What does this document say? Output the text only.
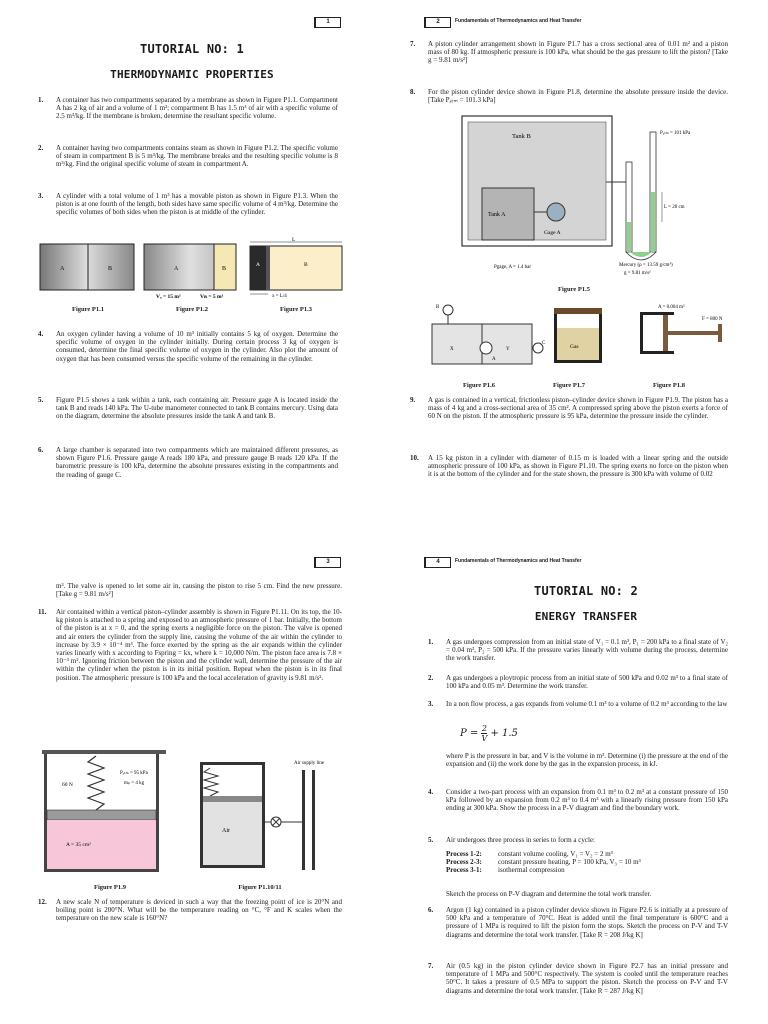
1
TUTORIAL NO: 1
THERMODYNAMIC PROPERTIES
1. A container has two compartments separated by a membrane as shown in Figure P1.1. Compartment A has 2 kg of air and a volume of 1 m³; compartment B has 1.5 m³ of air with a specific volume of 2.5 m³/kg. If the membrane is broken, determine the resultant specific volume.
2. A container having two compartments contains steam as shown in Figure P1.2. The specific volume of steam in compartment B is 5 m³/kg. The membrane breaks and the resulting specific volume is 8 m³/kg. Find the original specific volume of steam in compartment A.
3. A cylinder with a total volume of 1 m³ has a movable piston as shown in Figure P1.3. When the piston is at one fourth of the length, both sides have same specific volume of 4 m³/kg. Determine the specific volumes of both sides when the piston is at middle of the cylinder.
A	B	A	B
Vₐ = 15 m³	Vʙ = 5 m³
L
A	B
x = L/4
Figure P1.1	Figure P1.2	Figure P1.3
4. An oxygen cylinder having a volume of 10 m³ initially contains 5 kg of oxygen. Determine the specific volume of oxygen in the cylinder initially. During certain process 3 kg of oxygen is consumed, determine the final specific volume of oxygen in the cylinder. Also plot the amount of oxygen that has been consumed versus the specific volume of the remaining in the cylinder.
5. Figure P1.5 shows a tank within a tank, each containing air. Pressure gage A is located inside the tank B and reads 140 kPa. The U-tube manometer connected to tank B contains mercury. Using data on the diagram, determine the absolute pressures inside the tank A and tank B.
6. A large chamber is separated into two compartments which are maintained different pressures, as shown Figure P1.6. Pressure gauge A reads 180 kPa, and pressure gauge B reads 120 kPa. If the barometric pressure is 100 kPa, determine the absolute pressures existing in the compartments and the reading of gauge C.
2	Fundamentals of Thermodynamics and Heat Transfer
7. A piston cylinder arrangement shown in Figure P1.7 has a cross sectional area of 0.01 m² and a piston mass of 80 kg. If atmospheric pressure is 100 kPa, what should be the gas pressure to lift the piston? [Take g = 9.81 m/s²]
8. For the piston cylinder device shown in Figure P1.8, determine the absolute pressure inside the device. [Take Pₐₜₘ = 101.3 kPa]
Tank B
Tank A
Gage A
Pₐₜₘ = 101 kPa
L = 20 cm
Pgage, A = 1.4 bar	Mercury (ρ = 13.59 g/cm³)
g = 9.81 m/s²
Figure P1.5
B
A
C
X	Y	Gas
A = 0.004 m²
F = 800 N
Figure P1.6	Figure P1.7	Figure P1.8
9. A gas is contained in a vertical, frictionless piston–cylinder device shown in Figure P1.9. The piston has a mass of 4 kg and a cross-sectional area of 35 cm². A compressed spring above the piston exerts a force of 60 N on the piston. If the atmospheric pressure is 95 kPa, determine the pressure inside the cylinder.
10. A 15 kg piston in a cylinder with diameter of 0.15 m is loaded with a linear spring and the outside atmospheric pressure of 100 kPa, as shown in Figure P1.10. The spring exerts no force on the piston when it is at the bottom of the cylinder and for the state shown, the pressure is 300 kPa with volume of 0.02
3
m³. The valve is opened to let some air in, causing the piston to rise 5 cm. Find the new pressure. [Take g = 9.81 m/s²]
11. Air contained within a vertical piston–cylinder assembly is shown in Figure P1.11. On its top, the 10-kg piston is attached to a spring and exposed to an atmospheric pressure of 1 bar. Initially, the bottom of the piston is at x = 0, and the spring exerts a negligible force on the piston. The valve is opened and air enters the cylinder from the supply line, causing the volume of the air within the cylinder to increase by 3.9 × 10⁻⁴ m³. The force exerted by the spring as the air expands within the cylinder varies linearly with x according to Fspring = kx, where k = 10,000 N/m. The piston face area is 7.8 × 10⁻³ m². Ignoring friction between the piston and the cylinder wall, determine the pressure of the air within the cylinder when the piston is in its initial position. Repeat when the piston is in its final position. The atmospheric pressure is 100 kPa and the local acceleration of gravity is 9.81 m/s².
60 N
Pₐₜₘ = 95 kPa
mₚ = 4 kg
A = 35 cm²
Air
Air supply line
Figure P1.9	Figure P1.10/11
12. A new scale N of temperature is deviced in such a way that the freezing point of ice is 20°N and boiling point is 200°N. What will be the temperature reading on °C, °F and K scales when the temperature on the new scale is 160°N?
4	Fundamentals of Thermodynamics and Heat Transfer
TUTORIAL NO: 2
ENERGY TRANSFER
1. A gas undergoes compression from an initial state of V₁ = 0.1 m³, P₁ = 200 kPa to a final state of V₂ = 0.04 m³, P₂ = 500 kPa. If the pressure varies linearly with volume during the process, determine the work transfer.
2. A gas undergoes a ploytropic process from an initial state of 500 kPa and 0.02 m³ to a final state of 100 kPa and 0.05 m³. Determine the work transfer.
3. In a non flow process, a gas expands from volume 0.1 m³ to a volume of 0.2 m³ according to the law
$P = \frac{2}{V} + 1.5$
where P is the pressure in bar, and V is the volume in m³. Determine (i) the pressure at the end of the expansion and (ii) the work done by the gas in the expansion process, in kJ.
4. Consider a two-part process with an expansion from 0.1 m³ to 0.2 m³ at a constant pressure of 150 kPa followed by an expansion from 0.2 m³ to 0.4 m³ with a linearly rising pressure from 150 kPa ending at 300 kPa. Show the process in a P-V diagram and find the boundary work.
5. Air undergoes three process in series to form a cycle:
Process 1-2: constant volume cooling, V₁ = V₂ = 2 m³
Process 2-3: constant pressure heating, P = 100 kPa, V₃ = 10 m³
Process 3-1: isothermal compression
Sketch the process on P-V diagram and determine the total work transfer.
6. Argon (1 kg) contained in a piston cylinder device shown in Figure P2.6 is initially at a pressure of 500 kPa and a temperature of 70°C. Heat is added until the final temperature is 600°C and a pressure of 1 MPa is required to lift the piston form the stops. Sketch the process on P-V and T-V diagrams and determine the total work transfer. [Take R = 208 J/kg K]
7. Air (0.5 kg) in the piston cylinder device shown in Figure P2.7 has an initial pressure and temperature of 1 MPa and 500°C respectively. The system is cooled until the temperature reaches 50°C. It takes a pressure of 0.5 MPa to support the piston. Sketch the process on P-V and T-V diagrams and determine the total work transfer. [Take R = 287 J/kg K]
